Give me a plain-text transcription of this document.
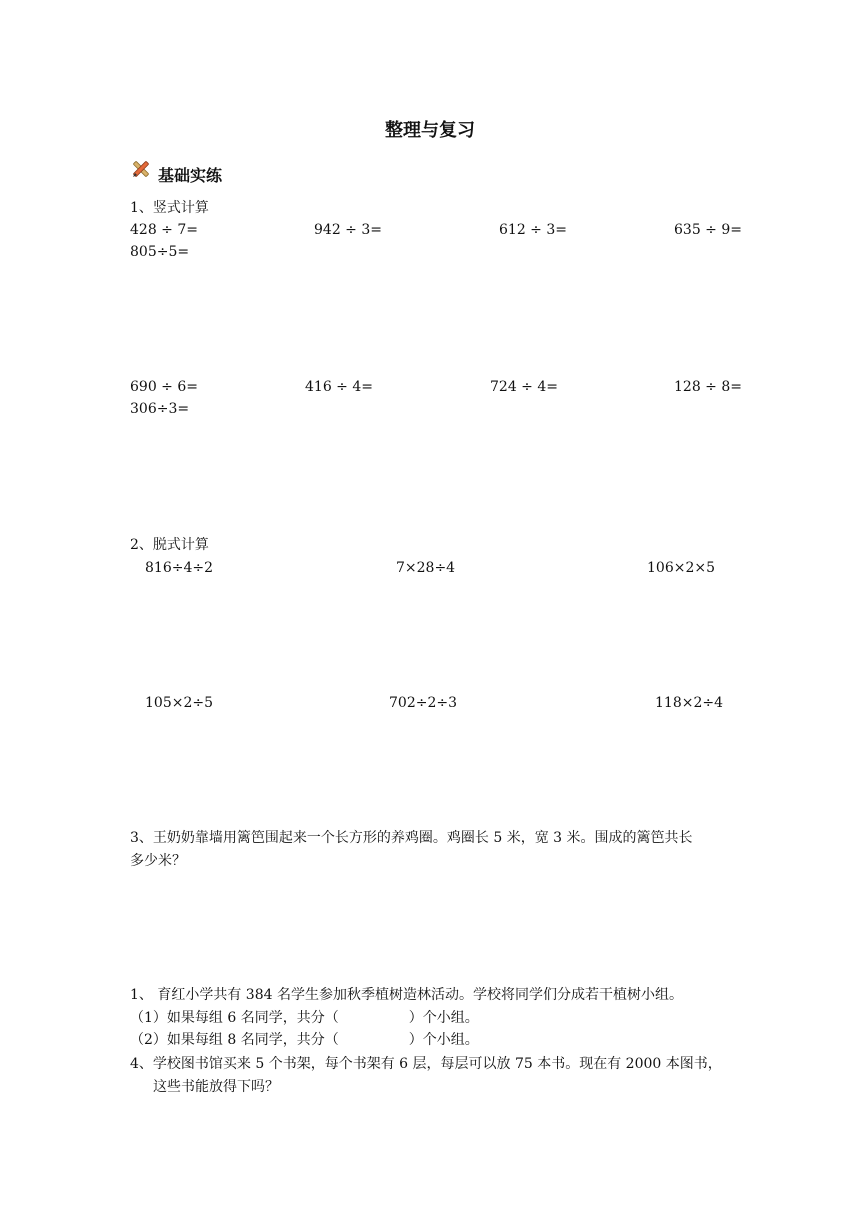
整理与复习
基础实练
1、竖式计算
428 ÷ 7=	942 ÷ 3=	612 ÷ 3=	635 ÷ 9=
805÷5=
690 ÷ 6=	416 ÷ 4=	724 ÷ 4=	128 ÷ 8=
306÷3=
2、脱式计算
816÷4÷2	7×28÷4	106×2×5
105×2÷5	702÷2÷3	118×2÷4
3、王奶奶靠墙用篱笆围起来一个长方形的养鸡圈。鸡圈长 5 米，宽 3 米。围成的篱笆共长
多少米？
1、 育红小学共有 384 名学生参加秋季植树造林活动。学校将同学们分成若干植树小组。
（1）如果每组 6 名同学，共分（　　　　　）个小组。
（2）如果每组 8 名同学，共分（　　　　　）个小组。
4、学校图书馆买来 5 个书架，每个书架有 6 层，每层可以放 75 本书。现在有 2000 本图书，
这些书能放得下吗？
